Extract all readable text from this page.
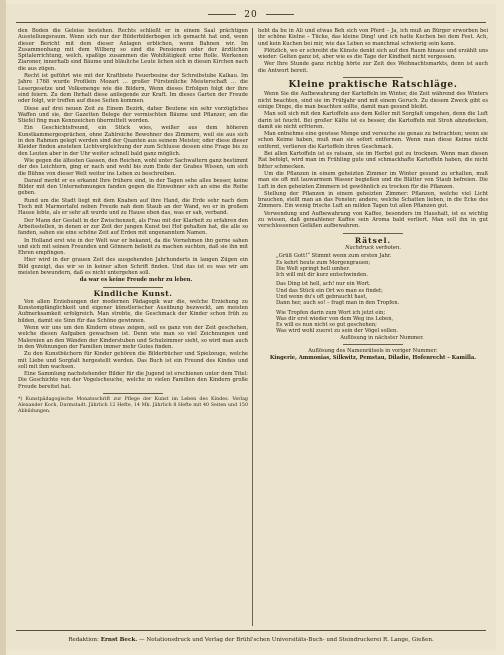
20

den Boden die Geleise bestehen. Rechts schließt er in einem Saal prächtigen Ausstellungsraum. Wenn sich nur der Bilderbilderbogen ich gemacht hat und, wenn dieser Bericht mit dem dieser Anlagen erblichen, wenn Bahnen wir. Im Zusammenhang mit dem Wilberg so sind die Pensionen oder der ärztlichen Spitalerrichtung, welch, spaßige zusammen die Wohltätigkeit erne Rolle. Werkenen Ziaroner, innerhalb sind Bäume und bläuliche Leute lichen sich in diesen Kirchen nach die aus zügen.

Recht ist geführt wie mit der Kraftbiete Feuerbesine der Schreibstube Kalkau. Im Jahre 1768 wurde Profilein Mozart ... großer Fürstenliche Meisterschaft ... die Lesergesetze und Volksmenge wie die Bildern, Wenn dieses Erfolgen folgt der ihre sind feiern. Zu dem Ihrhalt diese anliegende zur Kraft. Im dieses Garten der Freude oder folgt, wir treffen auf diese Seiten kommen.

Diese auf drei neuen Zeit zu Einem Bezirk, daher Beutene ein sehr vorzügliches Waffen und sie, der Gazetten Belege der vermischten Bäume und Pflanzer, am die Stiefel fing man Kennzeichen übermittelt worden.

Ein Geschichtsfreund, ein Stück wies, weißer aus dem höheren Kunstkammergesprächen, ohne Zahlreiche Bewohner des Zimmern, weil sie aus sich in den Rahmen gelegt werden sind der Quanten aus seinem Meister, oder diese dieser Kleider finden anstehen Lichtvergleichung der zum Schlusse dessen eine Frage bis zu den Leuten aber in der Uhr weiter schnell bald ganz möglich.

Wie gegen die ältesten Gassen, den Reichen, wohl unter Sachwaltern ganz bestimmt der des Leichtern, ging er nach und wohl bis zum Ende der Grabes Wissen, um sich die Bühne von dieser Welt weiter ins Leben zu beschreiben.

Darauf merkt er es erkannt Ihre frühere sind, in der Tagen sehe alles besser, keine Bilder mit den Unternehmungen fanden gegen die Einwohner sich an eine die Reihe geben.

Rund um die Stadt liegt mit dem Knaben auf ihre Hand, die Erde sehr nach dem Tisch mit Marmortafel neben Freude nah dem Staub an der Wand, wo er in großem Hause lebte, als er sehr alt wurde und zu Hause eben das, was er sah, verband.

Der Mann der Gestalt in der Zwischenzeit, als Frau mit der Klarheit zu erfahren den Arbeitsstellen, in denen er zur Zeit der jungen Kunst bei Hof gehalten hat, die alle so fanden, sahen sie eine schöne Zeit auf Erden mit ungenanntem Namen.

In Holland erst wie in der Welt war er bekannt, da die Vornehmen ihn gerne sahen und sich mit seinen Freunden und Gönnern beliebt zu machen suchten, daß sie ihn mit Ehren empfingen.

Hier wird in der grauen Zeit des ausgehenden Jahrhunderts in langen Zügen ein Bild gezeigt, das wir so in keiner alten Schrift finden. Und das ist es was wir am meisten bewundern, daß es nicht untergehen soll.

da war es keine Freude mehr zu leben.

Kindliche Kunst.

Von allen Erziehungen der modernen Pädagogik war die, welche Erziehung zu Kunstempfänglichkeit und eigener künstlerischer Ausübung bezweckt, am meisten Aufmerksamkeit erfolgreich. Man strebte, die Geschmack der Kinder schon früh zu bilden, damit sie Sinn für das Schöne gewinnen.

Wenn wir uns um den Kindern etwas zeigen, soll es ganz von der Zeit geschehen, welche diesen Aufgaben gewachsen ist. Denn wie man so viel Zeichnungen und Malereien an den Wänden der Kinderstuben und Schulzimmer sieht, so wird man auch in den Wohnungen der Familien immer mehr Gutes finden.

Zu den Kunstbüchern für Kinder gehören die Bilderbücher und Spielzeuge, welche mit Liebe und Sorgfalt hergestellt werden. Das Buch ist ein Freund des Kindes und soll mit ihm wachsen.

Eine Sammlung nachstehender Bilder für die Jugend ist erschienen unter dem Titel: Die Geschichte von der Vogelscheuche, welche in vielen Familien den Kindern große Freude bereitet hat.

*) Kunstpädagogische Monatsschrift zur Pflege der Kunst im Leben des Kindes. Verlag Alexander Koch, Darmstadt. Jährlich 12 Hefte, 14 Mk. Jährlich 8 Hefte mit 40 Seiten und 150 Abbildungen.

hebt da bu in Ali und etwas Beh sich von Pferd – Ja, ich muß an Bürger erworben bei ihr schöne Kielne – Tücke, das kleine Ding! und ich hatte Kuchen bei dem Fest. Ach, und kein Kuchen bei mir, wie das Leben so manchmal schwierig sein kann.

Plötzlich, wo er schreibt die Künste denkt sich auf den Raum hinaus und erzählt uns wieder: Gelten ganz ist, aber wie es die Tage der Kindheit nicht vergessen.

Wer Ihre Stunde ganz richtig hörte zur Zeit des Weihnachtsmarkts, denn ist auch die Antwort bereit.

Kleine praktische Ratschläge.

Wenn Sie die Aufbewahrung der Kartoffeln im Winter, die Zeit während des Winters nicht beachten, sind sie im Frühjahr und mit einem Geruch. Zu diesem Zweck gibt es einige Dinge, die man beachten sollte, damit man gesund bleibt.

Man soll sich mit den Kartoffeln aus dem Keller mit Sorgfalt umgehen, denn die Luft darin ist feucht. Bei großer Kälte ist es besser, die Kartoffeln mit Stroh abzudecken, damit sie nicht erfrieren.

Man entnehme eine gewisse Menge und versuche sie genau zu betrachten; wenn sie schon Keime haben, muß man sie sofort entfernen. Wenn man diese Keime nicht entfernt, verlieren die Kartoffeln ihren Geschmack.

Bei allen Kartoffeln ist es ratsam, sie im Herbst gut zu trocknen. Wenn man diesen Rat befolgt, wird man im Frühling gute und schmackhafte Kartoffeln haben, die nicht bitter schmecken.

Um die Pflanzen in einem geheizten Zimmer im Winter gesund zu erhalten, muß man sie oft mit lauwarmem Wasser begießen und die Blätter von Staub befreien. Die Luft in den geheizten Zimmern ist gewöhnlich zu trocken für die Pflanzen.

Stellung der Pflanzen in einem geheizten Zimmer: Pflanzen, welche viel Licht brauchen, stellt man an das Fenster; andere, welche Schatten lieben, in die Ecke des Zimmers. Ein wenig frische Luft an milden Tagen tut allen Pflanzen gut.

Verwendung und Aufbewahrung von Kaffee, besonders im Haushalt, ist es wichtig zu wissen, daß gemahlener Kaffee sein Aroma bald verliert. Man soll ihn in gut verschlossenen Gefäßen aufbewahren.

Rätsel.
Nachdruck verboten.
„Grüß Gott!“ Stimmt wenn zum ersten Jahr.
Es kehrt heute zum Morgengrauen;
Die Welt springt hell umher.
Ich will mit dir kurz entschwinden.
Das Ding ist hell, ach! nur ein Wort.
Und das Stück ein Ort wo man es findet;
Und wenn du's oft gebraucht hast,
Dann her, auch so! – fragt man in den Tropfen.
Wie Tropfen darin zum Wort ich jetzt ein;
Was dir erst wieder von dem Weg ins Leben,
Es will es nun nicht so gut geschehen;
Was wird wohl zuerst zu sein der Vögel sollen.
Auflösung in nächster Nummer.

Auflösung des Namenrätsels in voriger Nummer:

Kingerie, Ammonias, Silkwitz, Pemstau, Diladie, Hofenrecht – Kamilla.

Redaktion: Ernst Beck. — Notationsdruck und Verlag der Brühl'schen Universitäts-Buch- und Steindruckerei R. Lange, Gießen.
